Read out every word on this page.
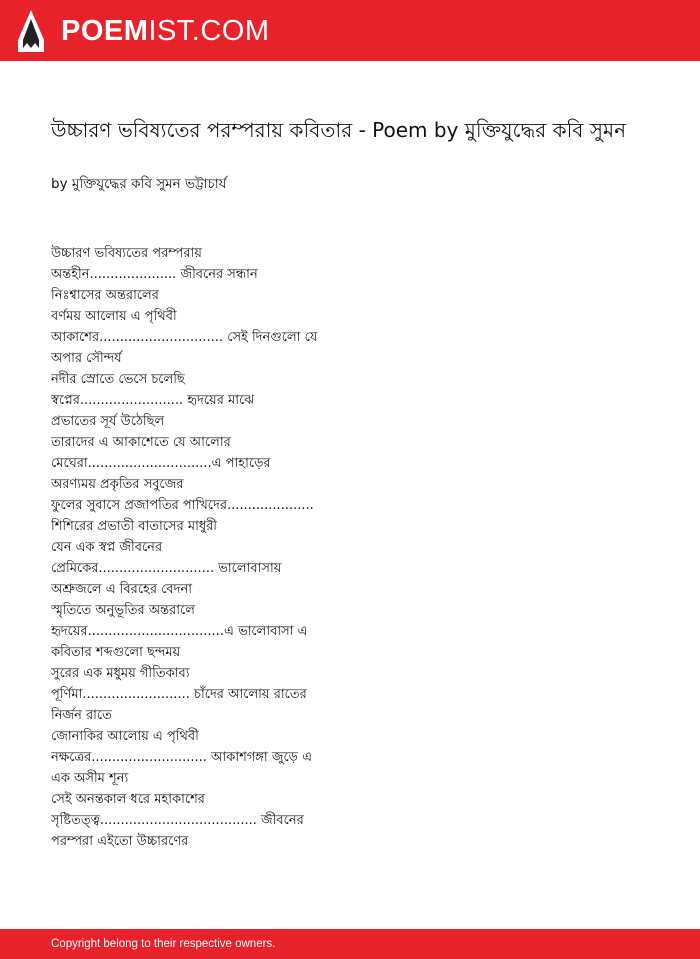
POEMIST.COM
উচ্চারণ ভবিষ্যতের পরম্পরায় কবিতার - Poem by মুক্তিযুদ্ধের কবি সুমন
by মুক্তিযুদ্ধের কবি সুমন ভট্টাচার্য
উচ্চারণ ভবিষ্যতের পরম্পরায়
অন্তহীন..................... জীবনের সন্ধান
নিঃশ্বাসের অন্তরালের
বর্ণময় আলোয় এ পৃথিবী
আকাশের.............................. সেই দিনগুলো যে
অপার সৌন্দর্য
নদীর স্রোতে ভেসে চলেছি
স্বপ্নের......................... হৃদয়ের মাঝে
প্রভাতের সূর্য উঠেছিল
তারাদের এ আকাশেতে যে আলোর
মেঘেরা..............................এ পাহাড়ের
অরণ্যময় প্রকৃতির সবুজের
ফুলের সুবাসে প্রজাপতির পাখিদের.....................
শিশিরের প্রভাতী বাতাসের মাধুরী
যেন এক স্বপ্ন জীবনের
প্রেমিকের............................ ভালোবাসায়
অশ্রুজলে এ বিরহের বেদনা
স্মৃতিতে অনুভূতির অন্তরালে
হৃদয়ের.................................এ ভালোবাসা এ
কবিতার শব্দগুলো ছন্দময়
সুরের এক মধুময় গীতিকাব্য
পূর্ণিমা.......................... চাঁদের আলোয় রাতের
নির্জন রাতে
জোনাকির আলোয় এ পৃথিবী
নক্ষত্রের............................ আকাশগঙ্গা জুড়ে এ
এক অসীম শূন্য
সেই অনন্তকাল ধরে মহাকাশের
সৃষ্টিতত্ত্ব...................................... জীবনের
পরম্পরা এইতো উচ্চারণের
Copyright belong to their respective owners.
